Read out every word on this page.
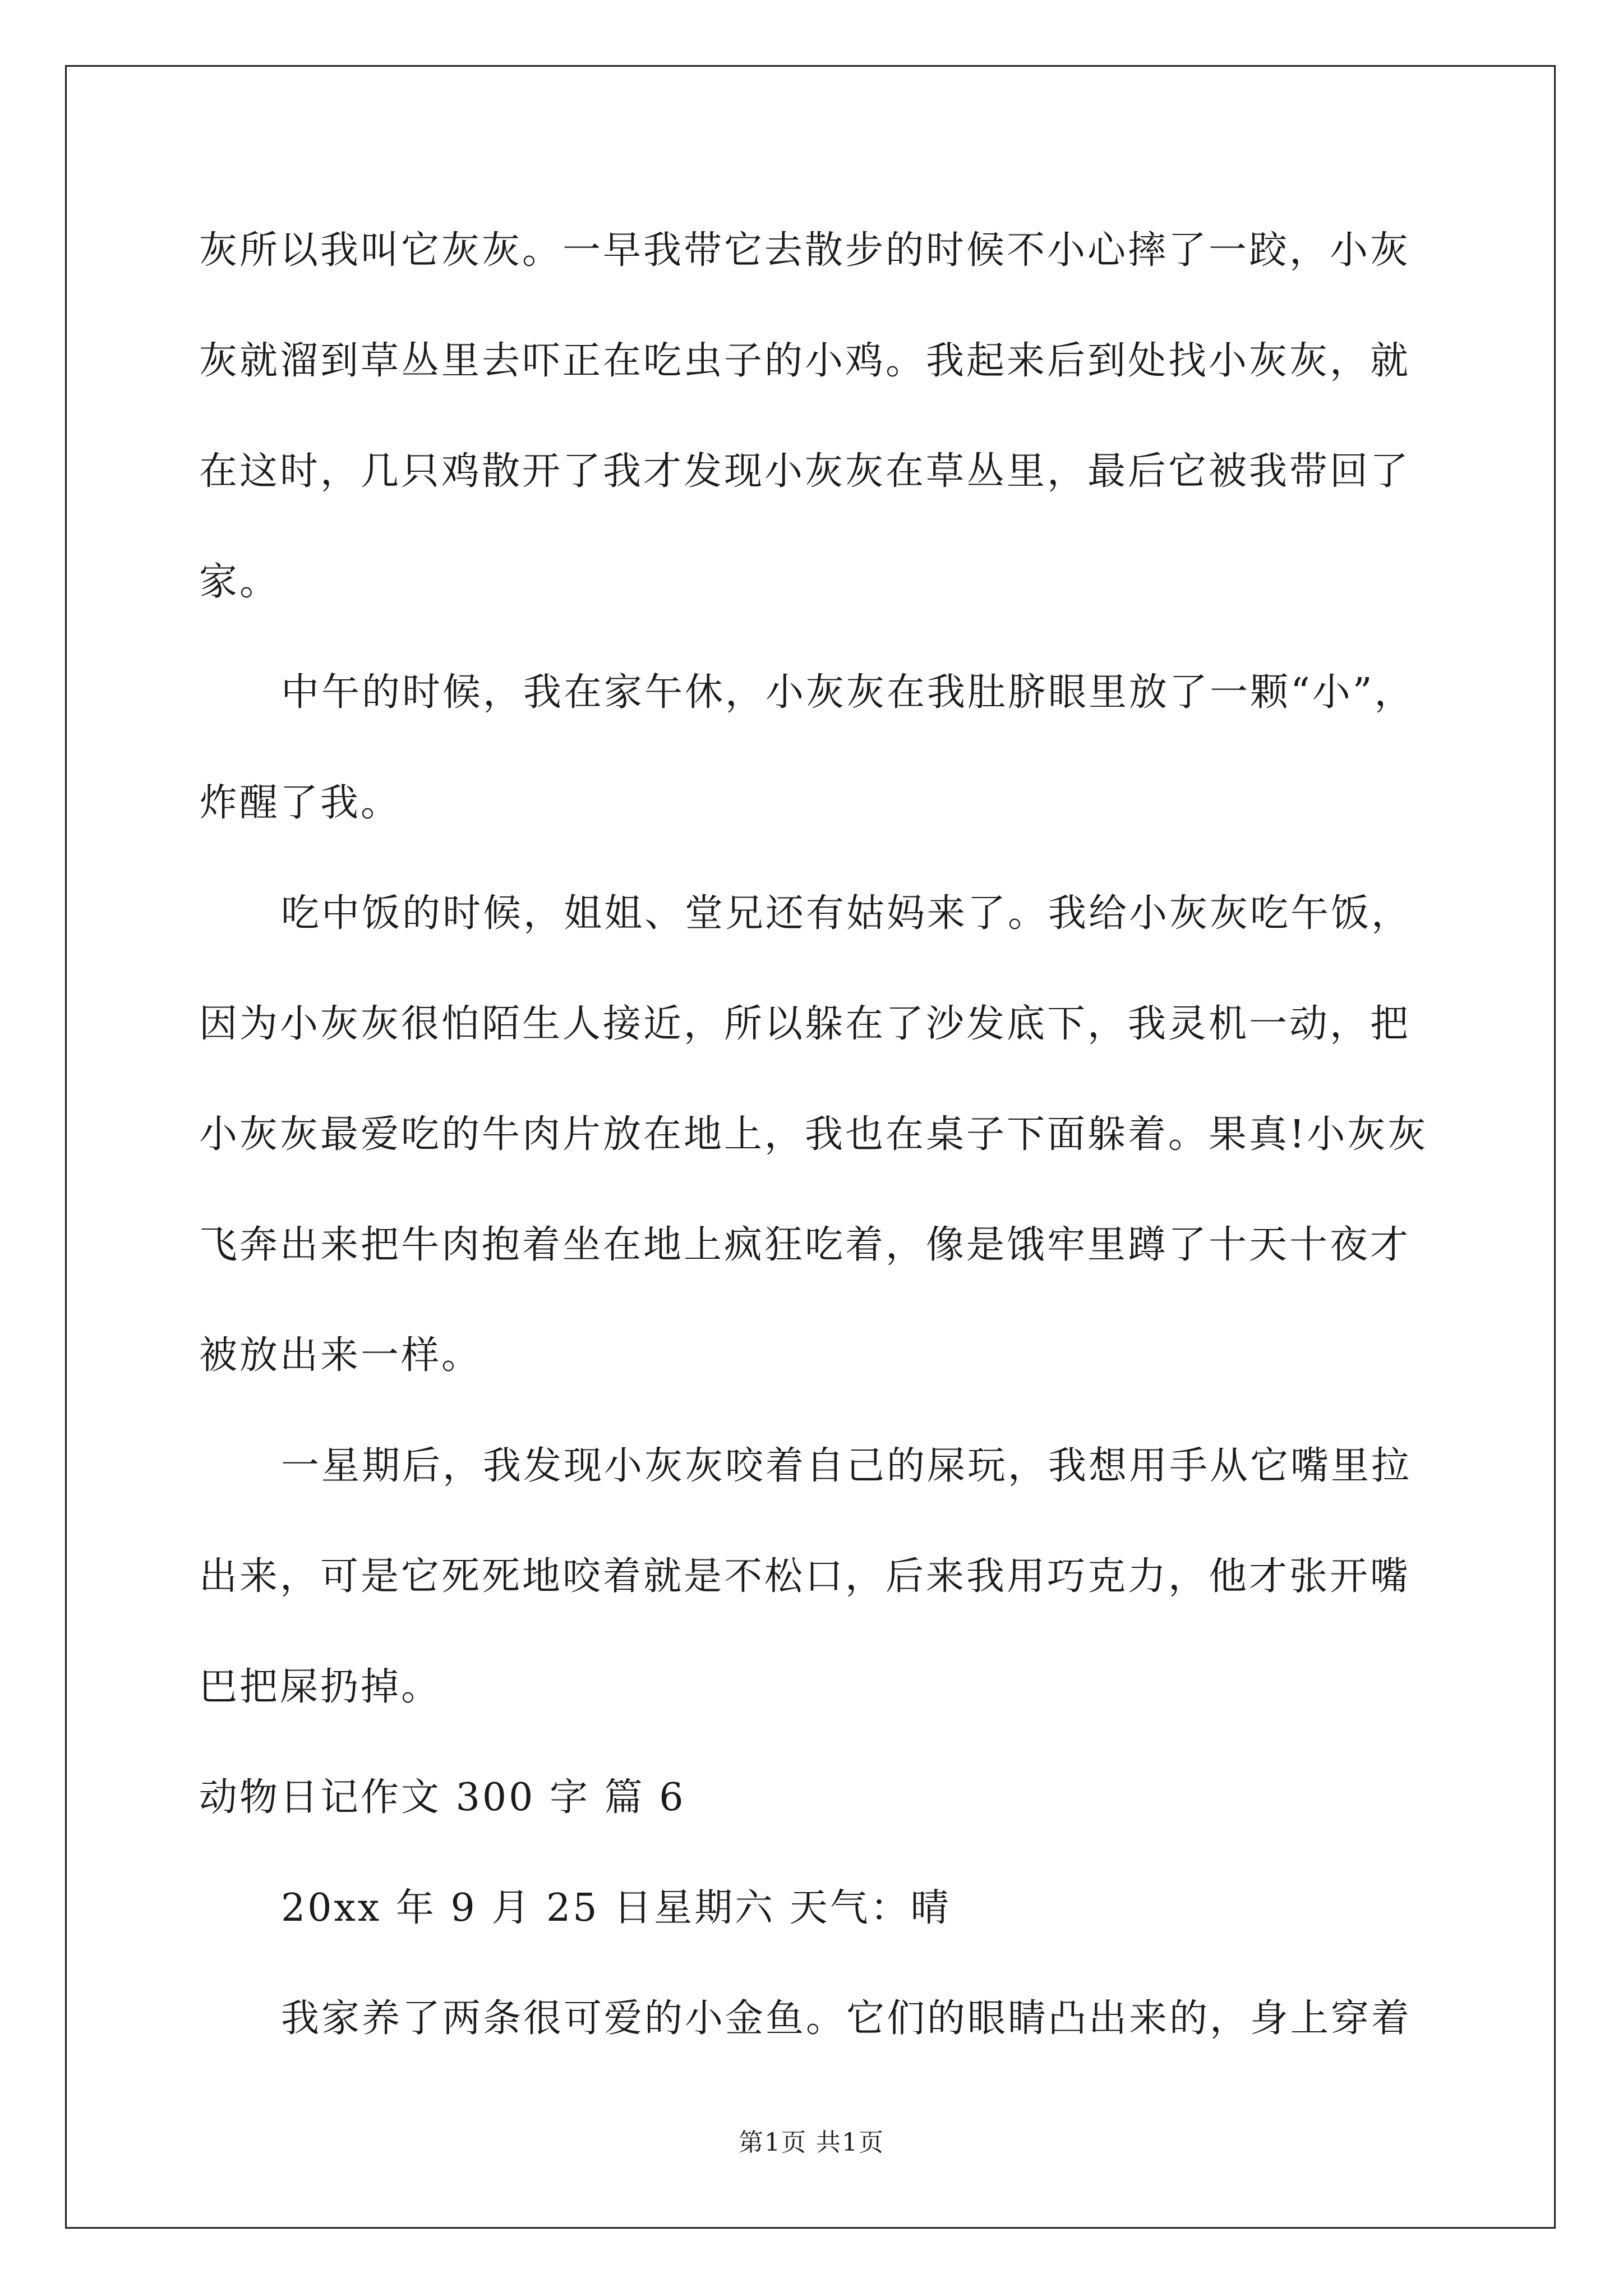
灰所以我叫它灰灰。一早我带它去散步的时候不小心摔了一跤，小灰
灰就溜到草丛里去吓正在吃虫子的小鸡。我起来后到处找小灰灰，就
在这时，几只鸡散开了我才发现小灰灰在草丛里，最后它被我带回了
家。
中午的时候，我在家午休，小灰灰在我肚脐眼里放了一颗“小”，
炸醒了我。
吃中饭的时候，姐姐、堂兄还有姑妈来了。我给小灰灰吃午饭，
因为小灰灰很怕陌生人接近，所以躲在了沙发底下，我灵机一动，把
小灰灰最爱吃的牛肉片放在地上，我也在桌子下面躲着。果真!小灰灰
飞奔出来把牛肉抱着坐在地上疯狂吃着，像是饿牢里蹲了十天十夜才
被放出来一样。
一星期后，我发现小灰灰咬着自己的屎玩，我想用手从它嘴里拉
出来，可是它死死地咬着就是不松口，后来我用巧克力，他才张开嘴
巴把屎扔掉。
动物日记作文 300 字 篇 6
20xx 年 9 月 25 日星期六 天气：晴
我家养了两条很可爱的小金鱼。它们的眼睛凸出来的，身上穿着
第1页 共1页
